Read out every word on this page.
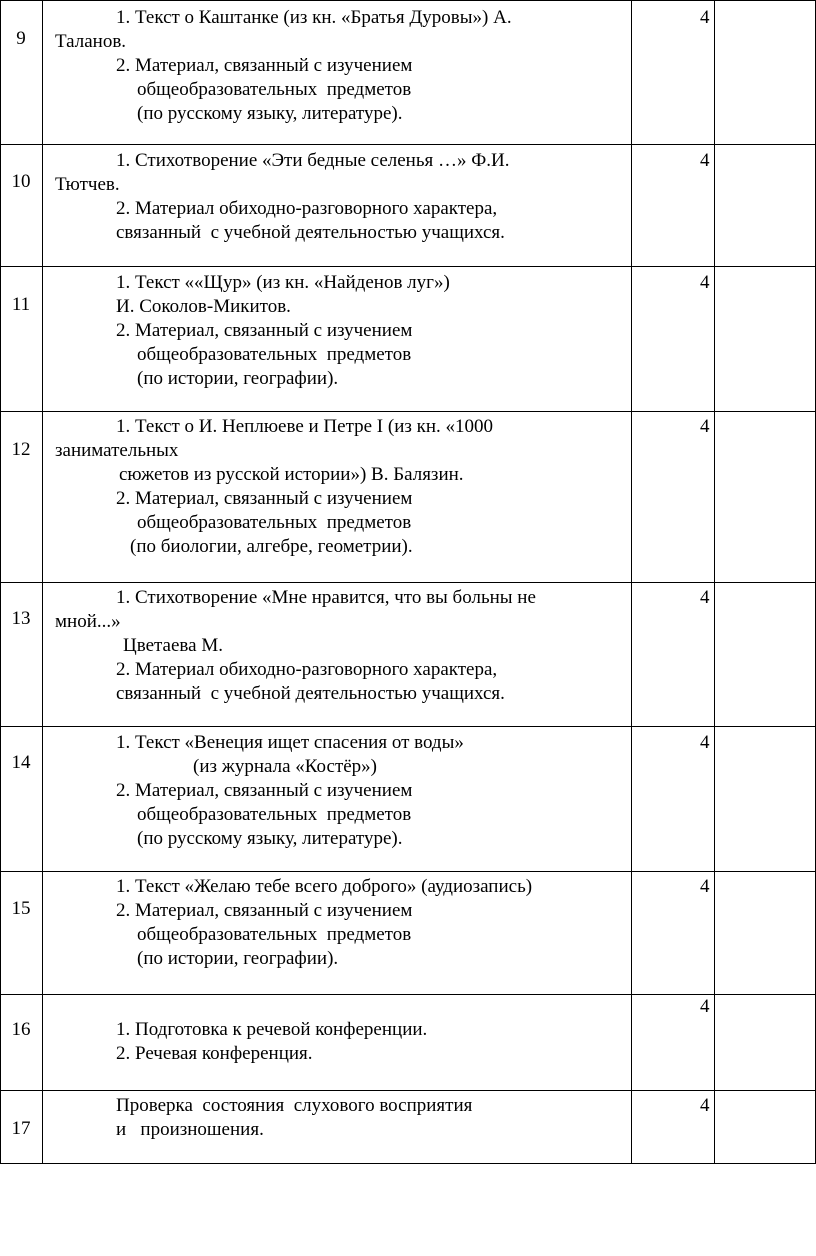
9
4
1. Текст о Каштанке (из кн. «Братья Дуровы») А.
Таланов.
2. Материал, связанный с изучением
общеобразовательных  предметов
(по русскому языку, литературе).
10
4
1. Стихотворение «Эти бедные селенья …» Ф.И.
Тютчев.
2. Материал обиходно-разговорного характера,
связанный  с учебной деятельностью учащихся.
11
4
1. Текст ««Щур» (из кн. «Найденов луг»)
И. Соколов-Микитов.
2. Материал, связанный с изучением
общеобразовательных  предметов
(по истории, географии).
12
4
1. Текст о И. Неплюеве и Петре I (из кн. «1000
занимательных
сюжетов из русской истории») В. Балязин.
2. Материал, связанный с изучением
общеобразовательных  предметов
(по биологии, алгебре, геометрии).
13
4
1. Стихотворение «Мне нравится, что вы больны не
мной...»
Цветаева М.
2. Материал обиходно-разговорного характера,
связанный  с учебной деятельностью учащихся.
14
4
1. Текст «Венеция ищет спасения от воды»
(из журнала «Костёр»)
2. Материал, связанный с изучением
общеобразовательных  предметов
(по русскому языку, литературе).
15
4
1. Текст «Желаю тебе всего доброго» (аудиозапись)
2. Материал, связанный с изучением
общеобразовательных  предметов
(по истории, географии).
16
4
1. Подготовка к речевой конференции.
2. Речевая конференция.
17
4
Проверка  состояния  слухового восприятия
и   произношения.
